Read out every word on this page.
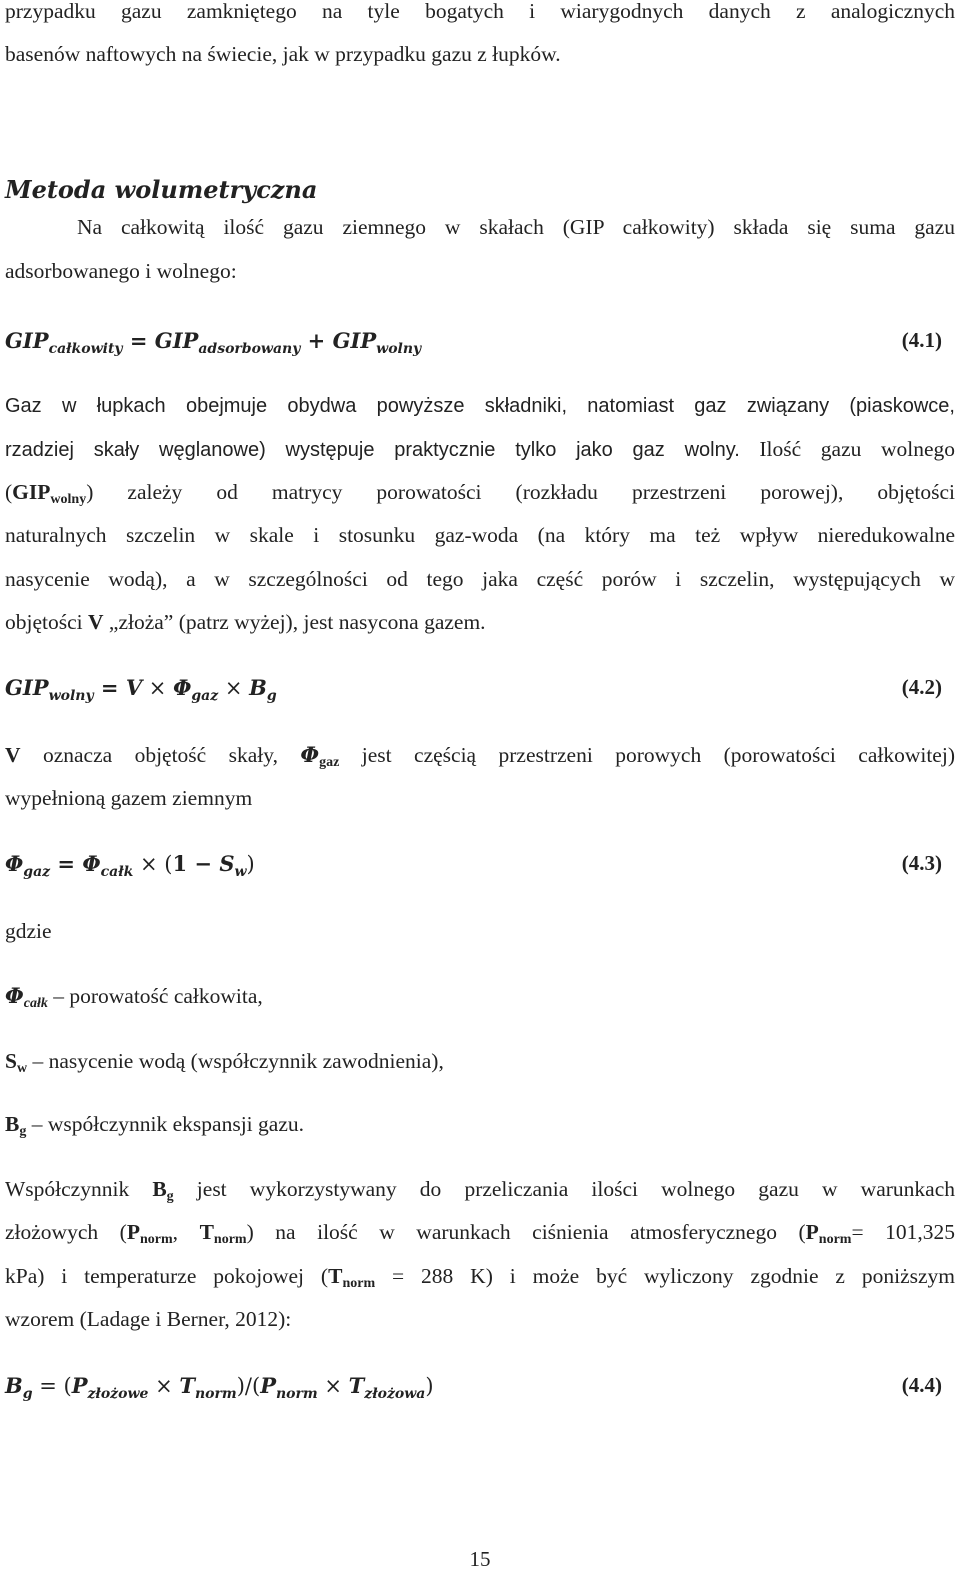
przypadku gazu zamkniętego na tyle bogatych i wiarygodnych danych z analogicznych
basenów naftowych na świecie, jak w przypadku gazu z łupków.
Metoda wolumetryczna
Na całkowitą ilość gazu ziemnego w skałach (GIP całkowity) składa się suma gazu
adsorbowanego i wolnego:
$GIP_{całkowity} = GIP_{adsorbowany} + GIP_{wolny}$	(4.1)
Gaz w łupkach obejmuje obydwa powyższe składniki, natomiast gaz związany (piaskowce,
rzadziej skały węglanowe) występuje praktycznie tylko jako gaz wolny. Ilość gazu wolnego
$(GIP_{wolny})$ zależy od matrycy porowatości (rozkładu przestrzeni porowej), objętości
naturalnych szczelin w skale i stosunku gaz-woda (na który ma też wpływ nieredukowalne
nasycenie wodą), a w szczególności od tego jaka część porów i szczelin, występujących w
objętości V „złoża” (patrz wyżej), jest nasycona gazem.
$GIP_{wolny} = V \times \Phi_{gaz} \times B_g$	(4.2)
V oznacza objętość skały, $\Phi_{gaz}$ jest częścią przestrzeni porowych (porowatości całkowitej)
wypełnioną gazem ziemnym
$\Phi_{gaz} = \Phi_{całk} \times (1 - S_w)$	(4.3)
gdzie
$\Phi_{całk}$ – porowatość całkowita,
$S_w$ – nasycenie wodą (współczynnik zawodnienia),
$B_g$ – współczynnik ekspansji gazu.
Współczynnik $B_g$ jest wykorzystywany do przeliczania ilości wolnego gazu w warunkach
złożowych ($P_{norm}$, $T_{norm}$) na ilość w warunkach ciśnienia atmosferycznego ($P_{norm}= 101,325$
kPa) i temperaturze pokojowej ($T_{norm} = 288$ K) i może być wyliczony zgodnie z poniższym
wzorem (Ladage i Berner, 2012):
$B_g = (P_{złożowe} \times T_{norm})/(P_{norm} \times T_{złożowa})$	(4.4)
15
